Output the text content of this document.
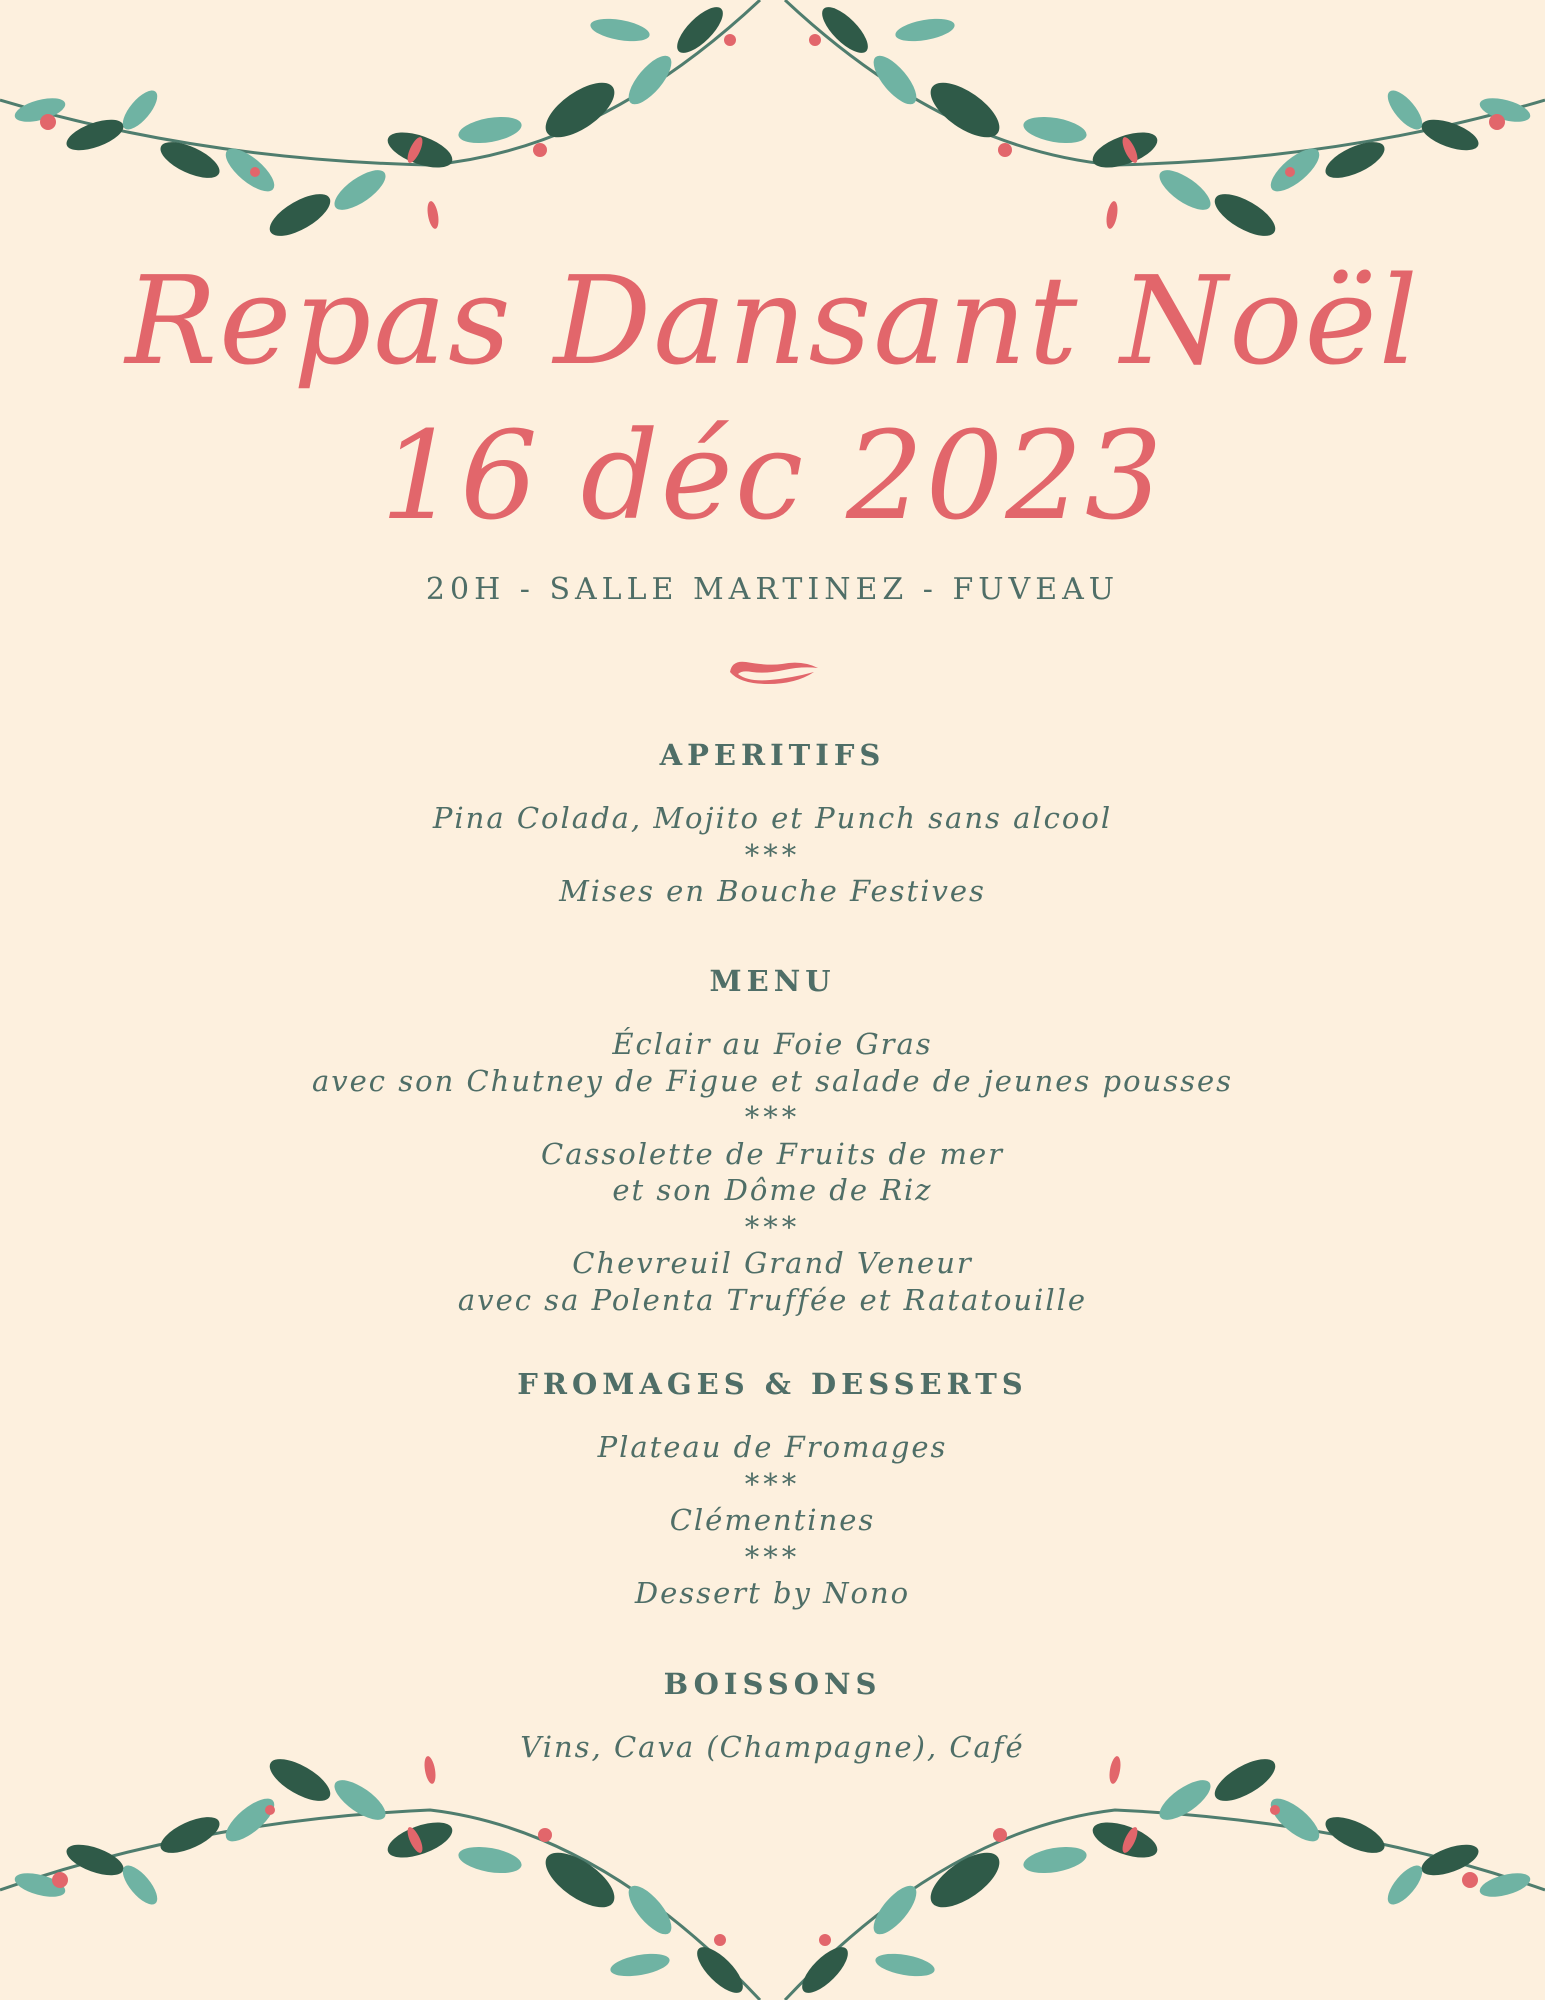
Repas Dansant Noël
16 déc 2023
20H - SALLE MARTINEZ - FUVEAU
APERITIFS
Pina Colada, Mojito et Punch sans alcool
***
Mises en Bouche Festives
MENU
Éclair au Foie Gras
avec son Chutney de Figue et salade de jeunes pousses
***
Cassolette de Fruits de mer
et son Dôme de Riz
***
Chevreuil Grand Veneur
avec sa Polenta Truffée et Ratatouille
FROMAGES & DESSERTS
Plateau de Fromages
***
Clémentines
***
Dessert by Nono
BOISSONS
Vins, Cava (Champagne), Café
